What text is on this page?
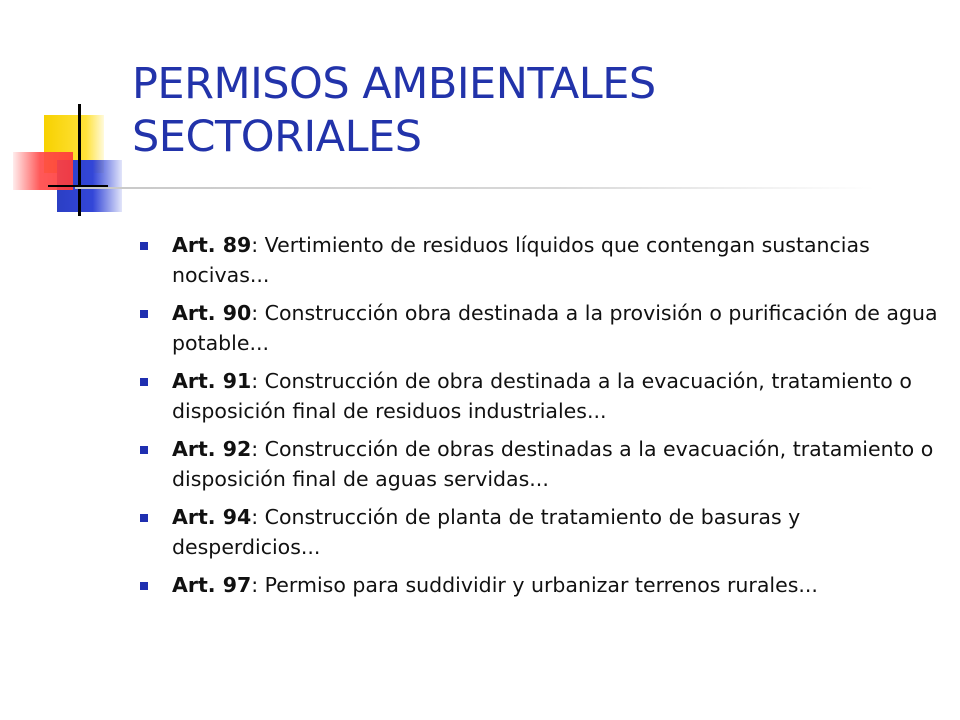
PERMISOS AMBIENTALES
SECTORIALES
Art. 89: Vertimiento de residuos líquidos que contengan sustancias nocivas...
Art. 90: Construcción obra destinada a la provisión o purificación de agua potable...
Art. 91: Construcción de obra destinada a la evacuación, tratamiento o disposición final de residuos industriales...
Art. 92: Construcción de obras destinadas a la evacuación, tratamiento o disposición final de aguas servidas...
Art. 94: Construcción de planta de tratamiento de basuras y desperdicios...
Art. 97: Permiso para suddividir y urbanizar terrenos rurales...
